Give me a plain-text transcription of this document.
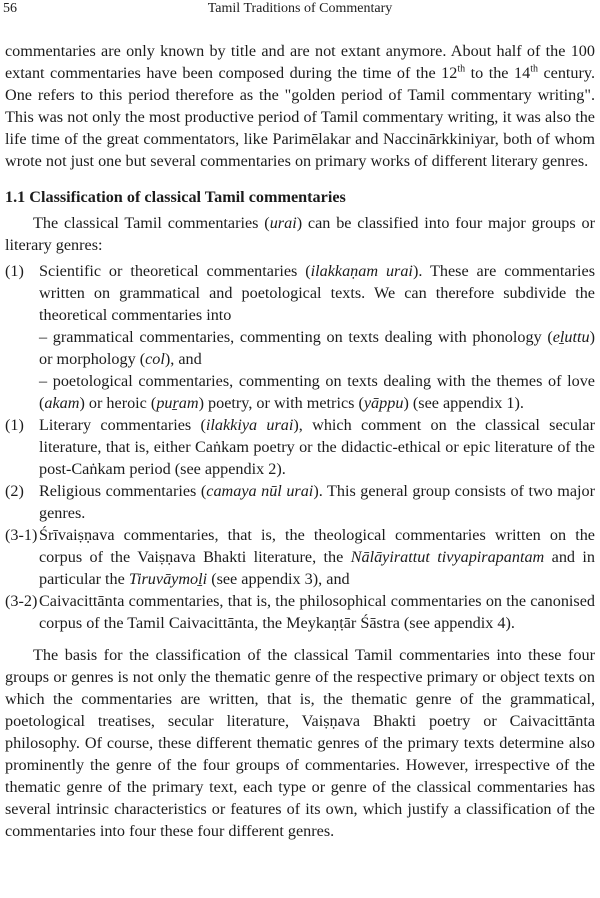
56	Tamil Traditions of Commentary

commentaries are only known by title and are not extant anymore. About half of the 100 extant commentaries have been composed during the time of the 12th to the 14th century. One refers to this period therefore as the "golden period of Tamil commentary writing". This was not only the most productive period of Tamil commentary writing, it was also the life time of the great commentators, like Parimēlakar and Naccinārkkiniyar, both of whom wrote not just one but several commentaries on primary works of different literary genres.

1.1 Classification of classical Tamil commentaries

The classical Tamil commentaries (urai) can be classified into four major groups or literary genres:

(1) Scientific or theoretical commentaries (ilakkaṇam urai). These are commentaries written on grammatical and poetological texts. We can therefore subdivide the theoretical commentaries into
– grammatical commentaries, commenting on texts dealing with phonology (eḻuttu) or morphology (col), and
– poetological commentaries, commenting on texts dealing with the themes of love (akam) or heroic (puṟam) poetry, or with metrics (yāppu) (see appendix 1).
(1) Literary commentaries (ilakkiya urai), which comment on the classical secular literature, that is, either Caṅkam poetry or the didactic-ethical or epic literature of the post-Caṅkam period (see appendix 2).
(2) Religious commentaries (camaya nūl urai). This general group consists of two major genres.
(3-1) Śrīvaiṣṇava commentaries, that is, the theological commentaries written on the corpus of the Vaiṣṇava Bhakti literature, the Nālāyirattut tivyapirapantam and in particular the Tiruvāymoḻi (see appendix 3), and
(3-2) Caivacittānta commentaries, that is, the philosophical commentaries on the canonised corpus of the Tamil Caivacittānta, the Meykaṇṭār Śāstra (see appendix 4).

The basis for the classification of the classical Tamil commentaries into these four groups or genres is not only the thematic genre of the respective primary or object texts on which the commentaries are written, that is, the thematic genre of the grammatical, poetological treatises, secular literature, Vaiṣṇava Bhakti poetry or Caivacittānta philosophy. Of course, these different thematic genres of the primary texts determine also prominently the genre of the four groups of commentaries. However, irrespective of the thematic genre of the primary text, each type or genre of the classical commentaries has several intrinsic characteristics or features of its own, which justify a classification of the commentaries into four these four different genres.
